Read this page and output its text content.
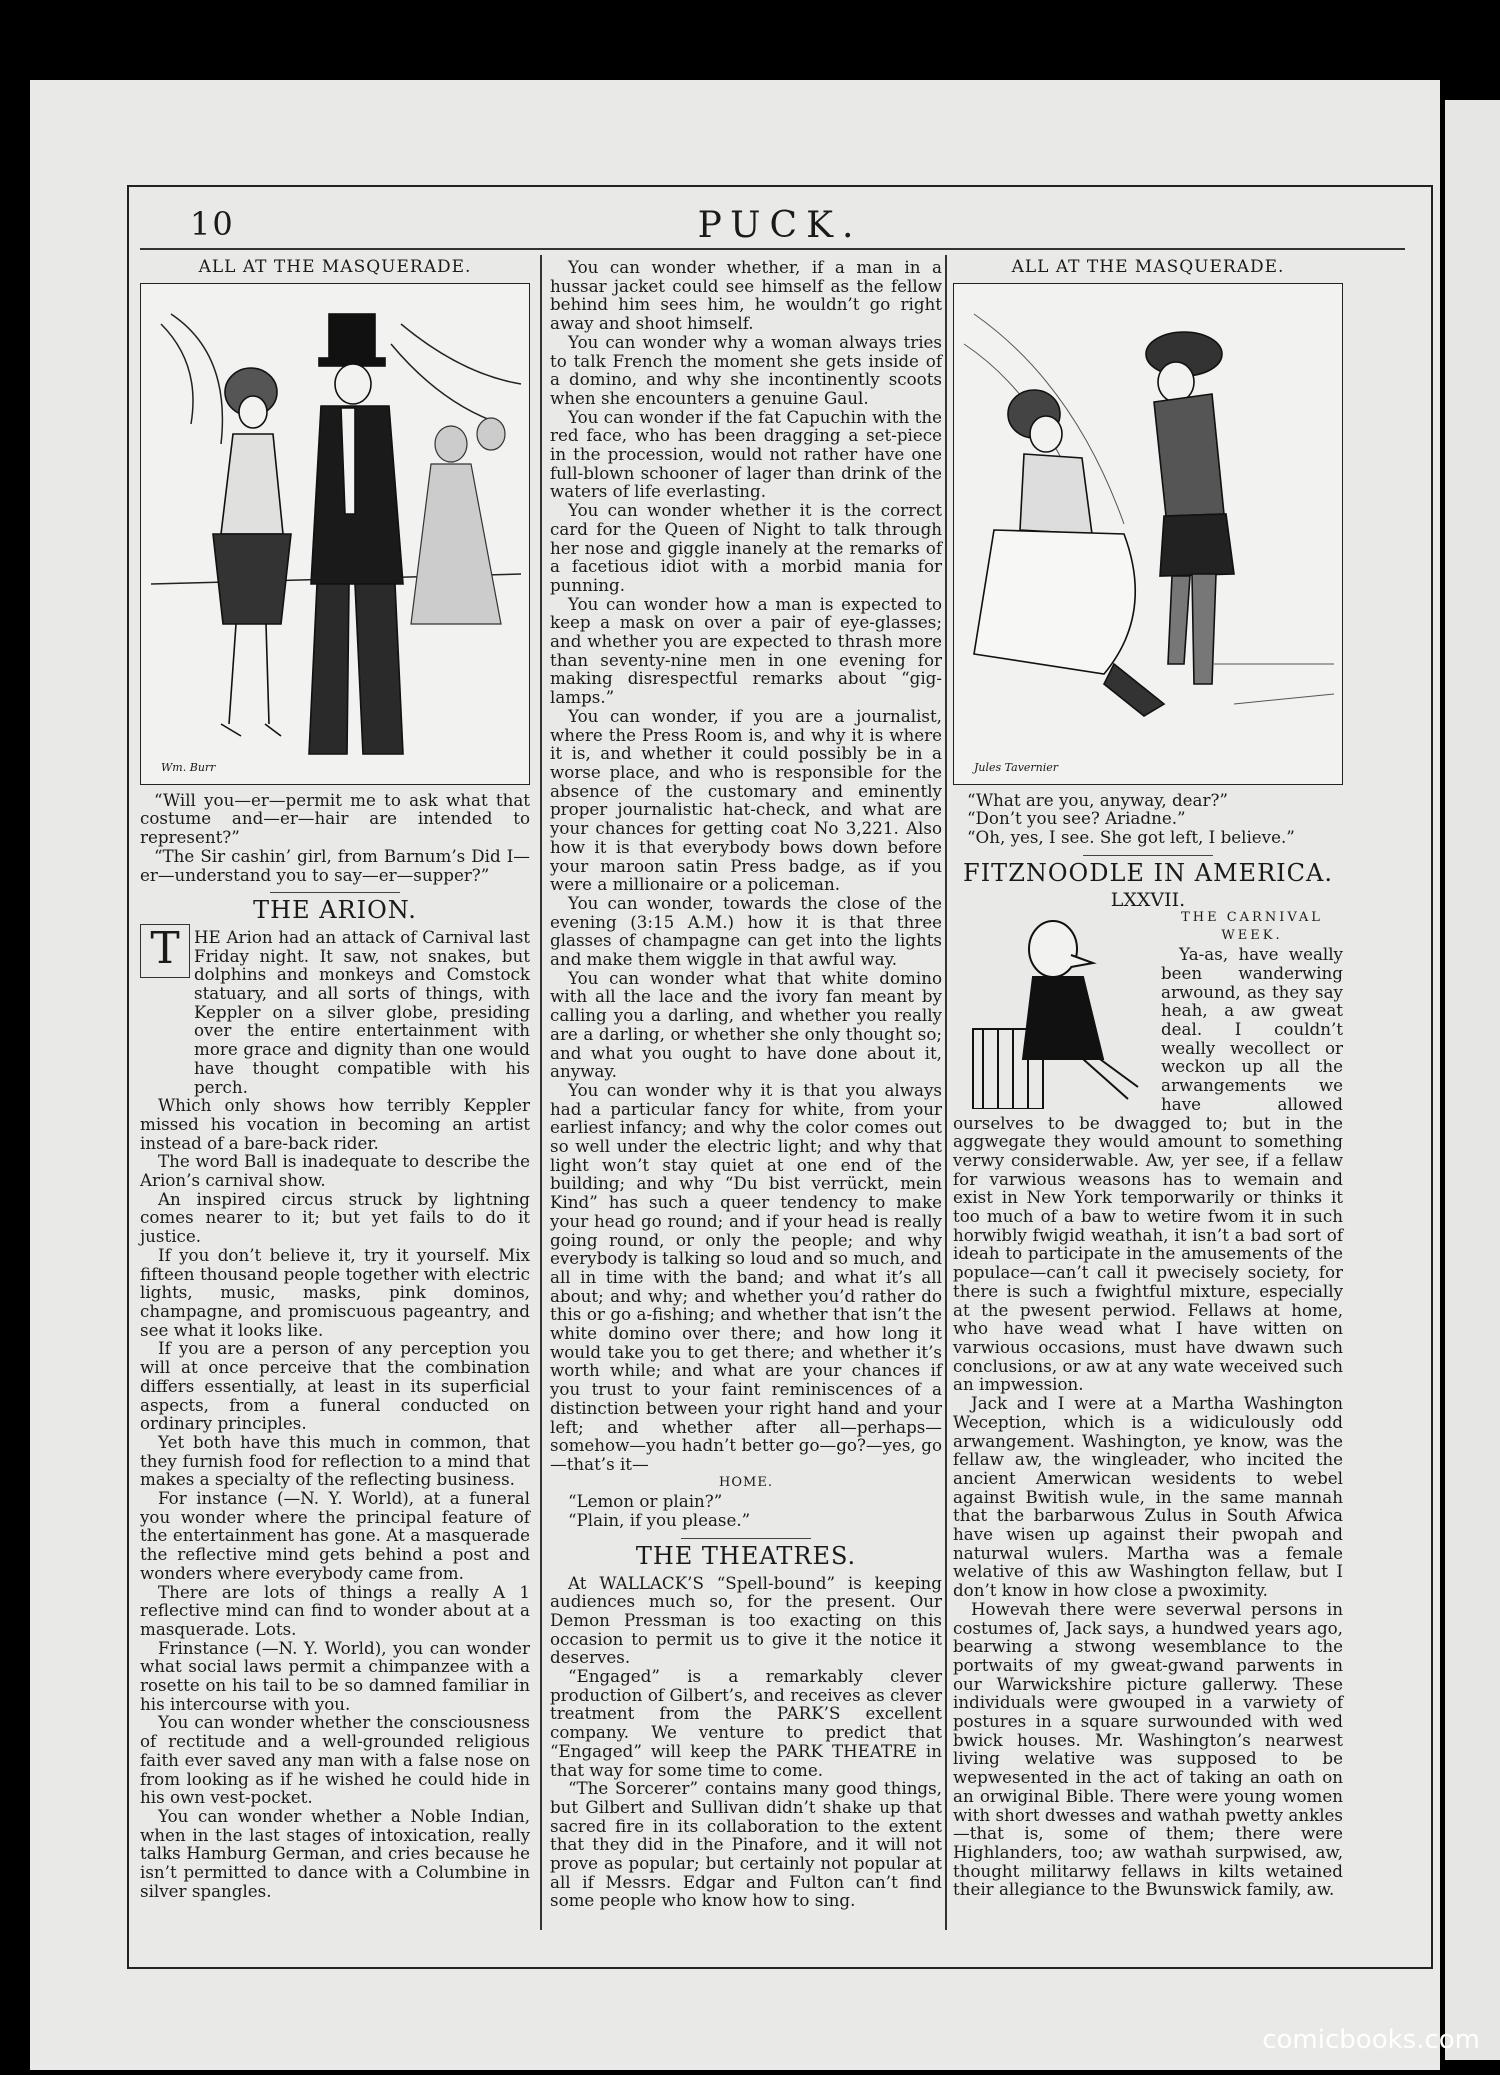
PUCK.
10
ALL AT THE MASQUERADE.
Wm. Burr

“Will you—er—permit me to ask what that costume and—er—hair are intended to represent?”

“The Sir cashin’ girl, from Barnum’s Did I—er—understand you to say—er—supper?”

THE ARION.
T HE Arion had an attack of Carnival last Friday night. It saw, not snakes, but dolphins and monkeys and Comstock statuary, and all sorts of things, with Keppler on a silver globe, presiding over the entire entertainment with more grace and dignity than one would have thought compatible with his perch.

Which only shows how terribly Keppler missed his vocation in becoming an artist instead of a bare-back rider.

The word Ball is inadequate to describe the Arion’s carnival show.

An inspired circus struck by lightning comes nearer to it; but yet fails to do it justice.

If you don’t believe it, try it yourself. Mix fifteen thousand people together with electric lights, music, masks, pink dominos, champagne, and promiscuous pageantry, and see what it looks like.

If you are a person of any perception you will at once perceive that the combination differs essentially, at least in its superficial aspects, from a funeral conducted on ordinary principles.

Yet both have this much in common, that they furnish food for reflection to a mind that makes a specialty of the reflecting business.

For instance (—N. Y. World), at a funeral you wonder where the principal feature of the entertainment has gone. At a masquerade the reflective mind gets behind a post and wonders where everybody came from.

There are lots of things a really A 1 reflective mind can find to wonder about at a masquerade. Lots.

Frinstance (—N. Y. World), you can wonder what social laws permit a chimpanzee with a rosette on his tail to be so damned familiar in his intercourse with you.

You can wonder whether the consciousness of rectitude and a well-grounded religious faith ever saved any man with a false nose on from looking as if he wished he could hide in his own vest-pocket.

You can wonder whether a Noble Indian, when in the last stages of intoxication, really talks Hamburg German, and cries because he isn’t permitted to dance with a Columbine in silver spangles.

You can wonder whether, if a man in a hussar jacket could see himself as the fellow behind him sees him, he wouldn’t go right away and shoot himself.

You can wonder why a woman always tries to talk French the moment she gets inside of a domino, and why she incontinently scoots when she encounters a genuine Gaul.

You can wonder if the fat Capuchin with the red face, who has been dragging a set-piece in the procession, would not rather have one full-blown schooner of lager than drink of the waters of life everlasting.

You can wonder whether it is the correct card for the Queen of Night to talk through her nose and giggle inanely at the remarks of a facetious idiot with a morbid mania for punning.

You can wonder how a man is expected to keep a mask on over a pair of eye-glasses; and whether you are expected to thrash more than seventy-nine men in one evening for making disrespectful remarks about “gig-lamps.”

You can wonder, if you are a journalist, where the Press Room is, and why it is where it is, and whether it could possibly be in a worse place, and who is responsible for the absence of the customary and eminently proper journalistic hat-check, and what are your chances for getting coat No 3,221. Also how it is that everybody bows down before your maroon satin Press badge, as if you were a millionaire or a policeman.

You can wonder, towards the close of the evening (3:15 A.M.) how it is that three glasses of champagne can get into the lights and make them wiggle in that awful way.

You can wonder what that white domino with all the lace and the ivory fan meant by calling you a darling, and whether you really are a darling, or whether she only thought so; and what you ought to have done about it, anyway.

You can wonder why it is that you always had a particular fancy for white, from your earliest infancy; and why the color comes out so well under the electric light; and why that light won’t stay quiet at one end of the building; and why “Du bist verrückt, mein Kind” has such a queer tendency to make your head go round; and if your head is really going round, or only the people; and why everybody is talking so loud and so much, and all in time with the band; and what it’s all about; and why; and whether you’d rather do this or go a-fishing; and whether that isn’t the white domino over there; and how long it would take you to get there; and whether it’s worth while; and what are your chances if you trust to your faint reminiscences of a distinction between your right hand and your left; and whether after all—perhaps—somehow—you hadn’t better go—go?—yes, go—that’s it—

HOME.

“Lemon or plain?”

“Plain, if you please.”

THE THEATRES.

At WALLACK’S “Spell-bound” is keeping audiences much so, for the present. Our Demon Pressman is too exacting on this occasion to permit us to give it the notice it deserves.

“Engaged” is a remarkably clever production of Gilbert’s, and receives as clever treatment from the PARK’S excellent company. We venture to predict that “Engaged” will keep the PARK THEATRE in that way for some time to come.

“The Sorcerer” contains many good things, but Gilbert and Sullivan didn’t shake up that sacred fire in its collaboration to the extent that they did in the Pinafore, and it will not prove as popular; but certainly not popular at all if Messrs. Edgar and Fulton can’t find some people who know how to sing.

ALL AT THE MASQUERADE.
Jules Tavernier

“What are you, anyway, dear?”

“Don’t you see? Ariadne.”

“Oh, yes, I see. She got left, I believe.”

FITZNOODLE IN AMERICA.

LXXVII.

THE CARNIVAL WEEK.

Ya-as, have weally been wanderwing arwound, as they say heah, a aw gweat deal. I couldn’t weally wecollect or weckon up all the arwangements we have allowed ourselves to be dwagged to; but in the aggwegate they would amount to something verwy considerwable. Aw, yer see, if a fellaw for varwious weasons has to wemain and exist in New York temporwarily or thinks it too much of a baw to wetire fwom it in such horwibly fwigid weathah, it isn’t a bad sort of ideah to participate in the amusements of the populace—can’t call it pwecisely society, for there is such a fwightful mixture, especially at the pwesent perwiod. Fellaws at home, who have wead what I have witten on varwious occasions, must have dwawn such conclusions, or aw at any wate weceived such an impwession.

Jack and I were at a Martha Washington Weception, which is a widiculously odd arwangement. Washington, ye know, was the fellaw aw, the wingleader, who incited the ancient Amerwican wesidents to webel against Bwitish wule, in the same mannah that the barbarwous Zulus in South Afwica have wisen up against their pwopah and naturwal wulers. Martha was a female welative of this aw Washington fellaw, but I don’t know in how close a pwoximity.

Howevah there were severwal persons in costumes of, Jack says, a hundwed years ago, bearwing a stwong wesemblance to the portwaits of my gweat-gwand parwents in our Warwickshire picture gallerwy. These individuals were gwouped in a varwiety of postures in a square surwounded with wed bwick houses. Mr. Washington’s nearwest living welative was supposed to be wepwesented in the act of taking an oath on an orwiginal Bible. There were young women with short dwesses and wathah pwetty ankles—that is, some of them; there were Highlanders, too; aw wathah surpwised, aw, thought militarwy fellaws in kilts wetained their allegiance to the Bwunswick family, aw.

comicbooks.com
